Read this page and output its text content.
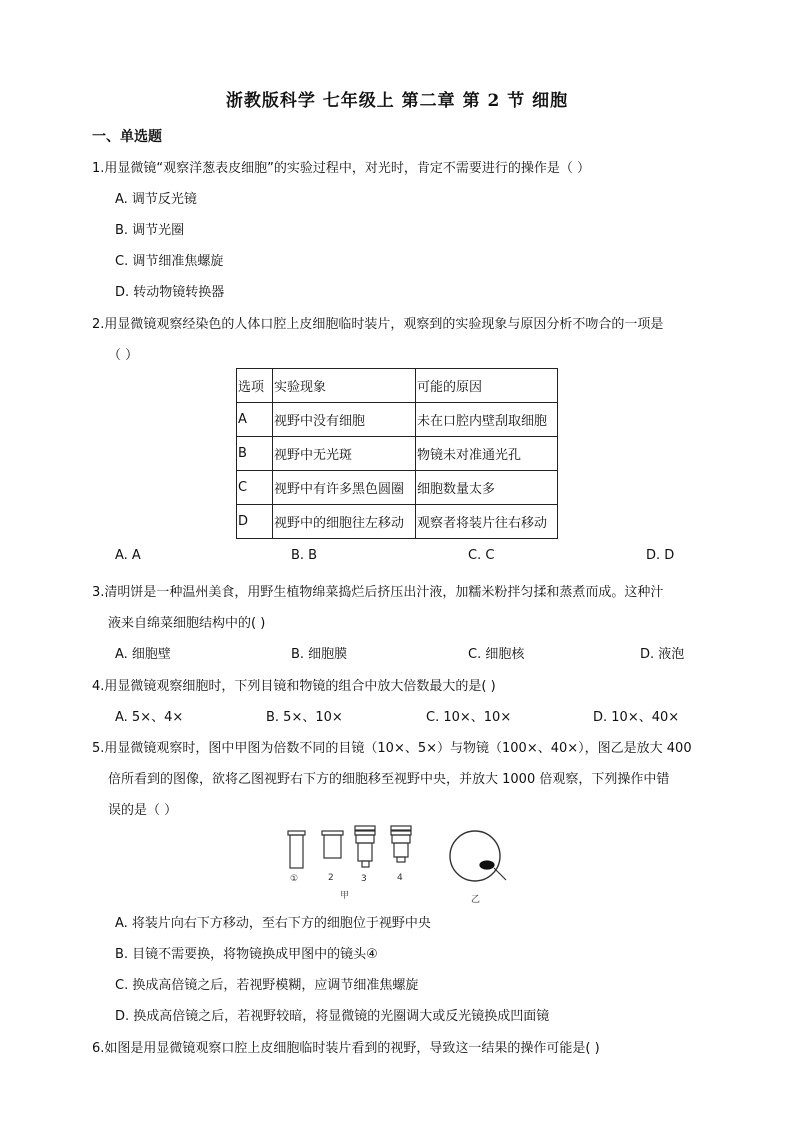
浙教版科学 七年级上 第二章 第 2 节 细胞
一、单选题
1.用显微镜“观察洋葱表皮细胞”的实验过程中，对光时，肯定不需要进行的操作是（ ）
A. 调节反光镜
B. 调节光圈
C. 调节细准焦螺旋
D. 转动物镜转换器
2.用显微镜观察经染色的人体口腔上皮细胞临时装片，观察到的实验现象与原因分析不吻合的一项是
（ ）
选项	实验现象	可能的原因
A	视野中没有细胞	未在口腔内壁刮取细胞
B	视野中无光斑	物镜未对准通光孔
C	视野中有许多黑色圆圈	细胞数量太多
D	视野中的细胞往左移动	观察者将装片往右移动
A. A	B. B	C. C	D. D
3.清明饼是一种温州美食，用野生植物绵菜捣烂后挤压出汁液，加糯米粉拌匀揉和蒸煮而成。这种汁
液来自绵菜细胞结构中的( )
A. 细胞壁	B. 细胞膜	C. 细胞核	D. 液泡
4.用显微镜观察细胞时，下列目镜和物镜的组合中放大倍数最大的是( )
A. 5×、4×	B. 5×、10×	C. 10×、10×	D. 10×、40×
5.用显微镜观察时，图中甲图为倍数不同的目镜（10×、5×）与物镜（100×、40×），图乙是放大 400
倍所看到的图像，欲将乙图视野右下方的细胞移至视野中央，并放大 1000 倍观察，下列操作中错
误的是（ ）
①	2	3	4
甲	乙
A. 将装片向右下方移动，至右下方的细胞位于视野中央
B. 目镜不需要换，将物镜换成甲图中的镜头④
C. 换成高倍镜之后，若视野模糊，应调节细准焦螺旋
D. 换成高倍镜之后，若视野较暗，将显微镜的光圈调大或反光镜换成凹面镜
6.如图是用显微镜观察口腔上皮细胞临时装片看到的视野，导致这一结果的操作可能是( )
